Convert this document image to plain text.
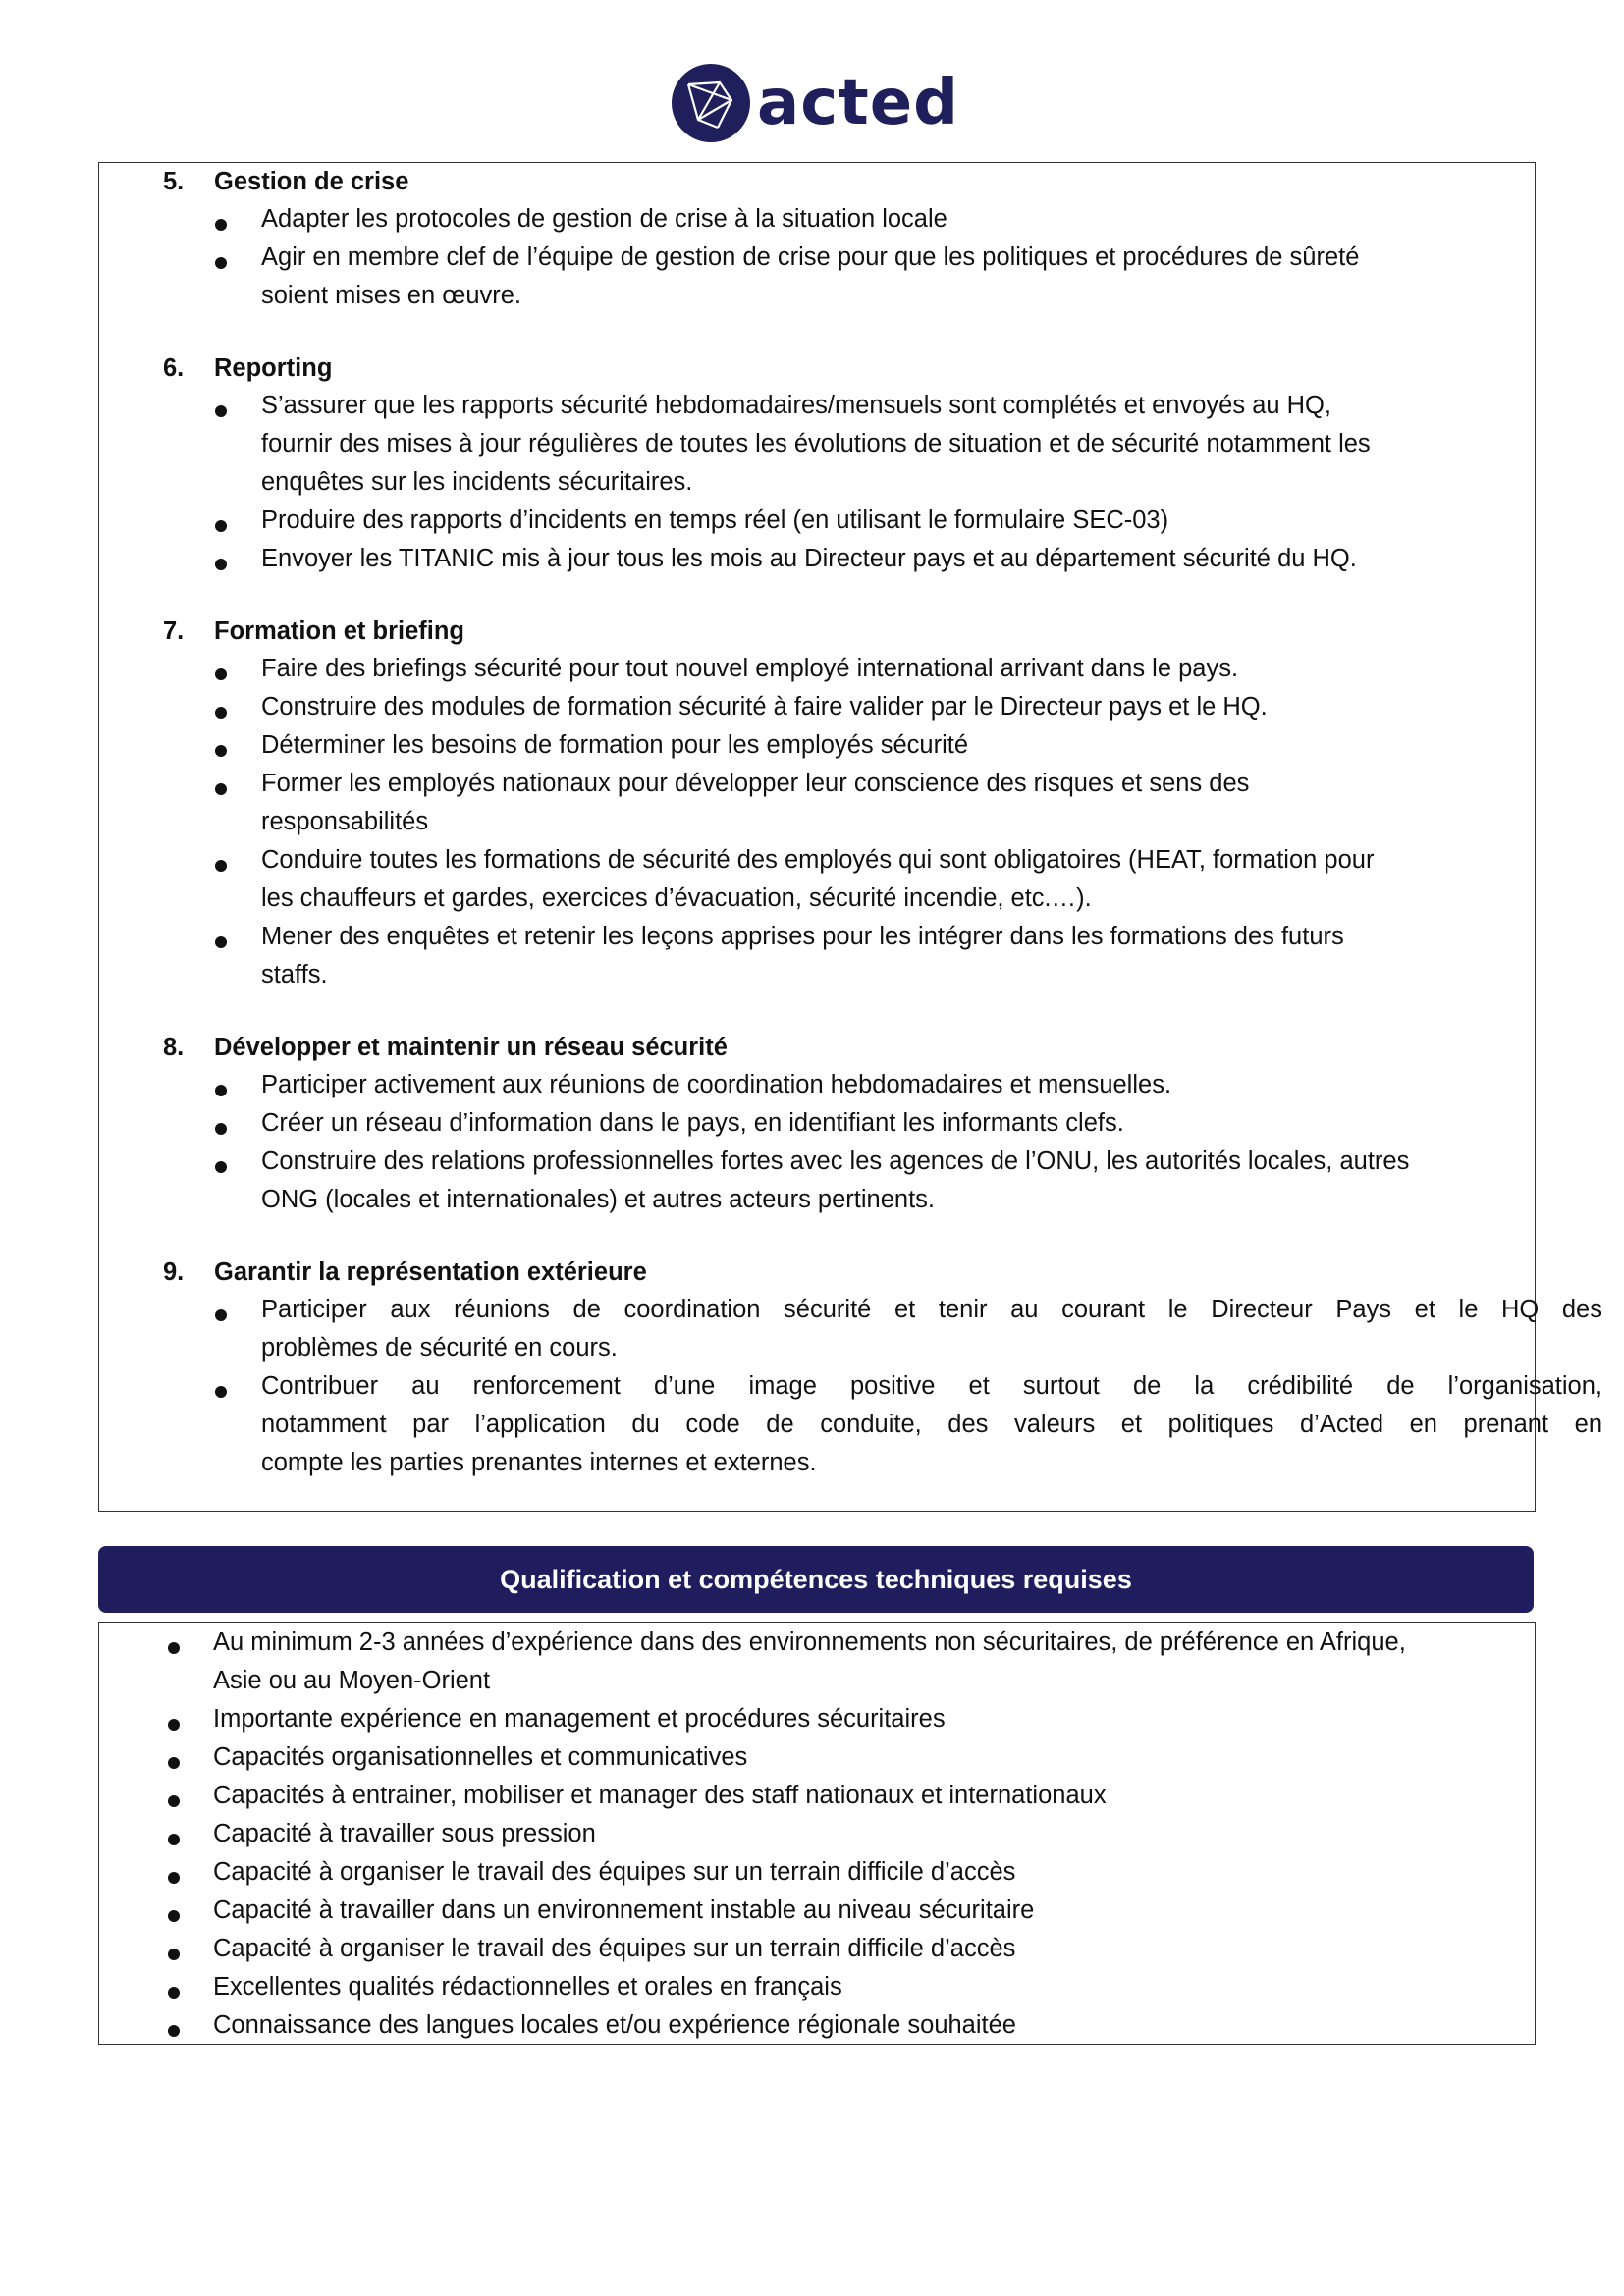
acted
5. Gestion de crise
Adapter les protocoles de gestion de crise à la situation locale
Agir en membre clef de l’équipe de gestion de crise pour que les politiques et procédures de sûreté
soient mises en œuvre.
6. Reporting
S’assurer que les rapports sécurité hebdomadaires/mensuels sont complétés et envoyés au HQ,
fournir des mises à jour régulières de toutes les évolutions de situation et de sécurité notamment les
enquêtes sur les incidents sécuritaires.
Produire des rapports d’incidents en temps réel (en utilisant le formulaire SEC-03)
Envoyer les TITANIC mis à jour tous les mois au Directeur pays et au département sécurité du HQ.
7. Formation et briefing
Faire des briefings sécurité pour tout nouvel employé international arrivant dans le pays.
Construire des modules de formation sécurité à faire valider par le Directeur pays et le HQ.
Déterminer les besoins de formation pour les employés sécurité
Former les employés nationaux pour développer leur conscience des risques et sens des
responsabilités
Conduire toutes les formations de sécurité des employés qui sont obligatoires (HEAT, formation pour
les chauffeurs et gardes, exercices d’évacuation, sécurité incendie, etc.…).
Mener des enquêtes et retenir les leçons apprises pour les intégrer dans les formations des futurs
staffs.
8. Développer et maintenir un réseau sécurité
Participer activement aux réunions de coordination hebdomadaires et mensuelles.
Créer un réseau d’information dans le pays, en identifiant les informants clefs.
Construire des relations professionnelles fortes avec les agences de l’ONU, les autorités locales, autres
ONG (locales et internationales) et autres acteurs pertinents.
9. Garantir la représentation extérieure
Participer aux réunions de coordination sécurité et tenir au courant le Directeur Pays et le HQ des
problèmes de sécurité en cours.
Contribuer au renforcement d’une image positive et surtout de la crédibilité de l’organisation,
notamment par l’application du code de conduite, des valeurs et politiques d’Acted en prenant en
compte les parties prenantes internes et externes.
Qualification et compétences techniques requises
Au minimum 2-3 années d’expérience dans des environnements non sécuritaires, de préférence en Afrique,
Asie ou au Moyen-Orient
Importante expérience en management et procédures sécuritaires
Capacités organisationnelles et communicatives
Capacités à entrainer, mobiliser et manager des staff nationaux et internationaux
Capacité à travailler sous pression
Capacité à organiser le travail des équipes sur un terrain difficile d’accès
Capacité à travailler dans un environnement instable au niveau sécuritaire
Capacité à organiser le travail des équipes sur un terrain difficile d’accès
Excellentes qualités rédactionnelles et orales en français
Connaissance des langues locales et/ou expérience régionale souhaitée
